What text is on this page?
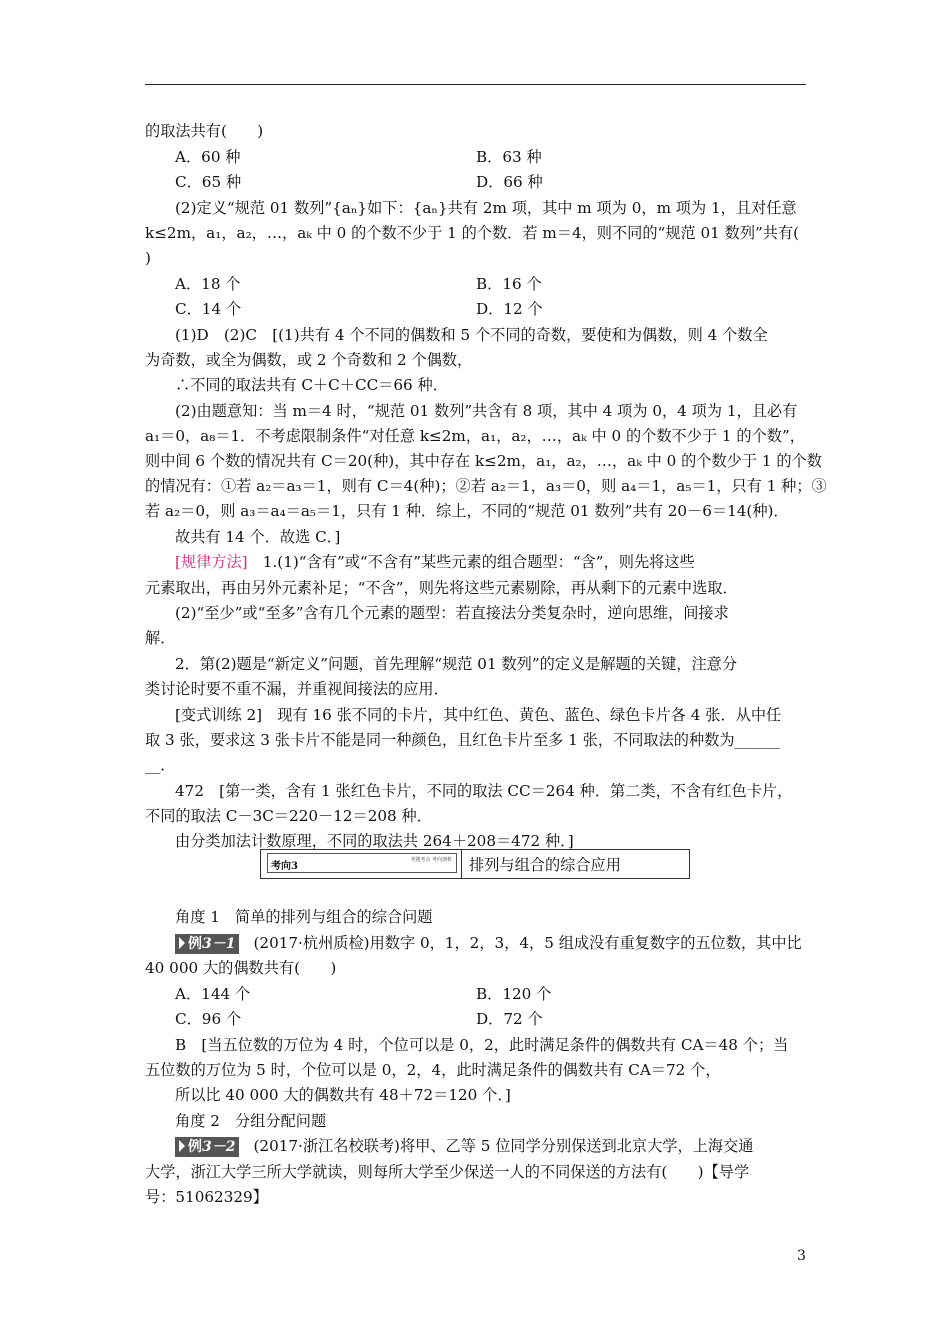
的取法共有(　　)
A．60 种	B．63 种
C．65 种	D．66 种
(2)定义“规范 01 数列”{aₙ}如下：{aₙ}共有 2m 项，其中 m 项为 0，m 项为 1，且对任意
k≤2m，a₁，a₂，…，aₖ 中 0 的个数不少于 1 的个数．若 m＝4，则不同的“规范 01 数列”共有(
)
A．18 个	B．16 个
C．14 个	D．12 个
(1)D　(2)C　[(1)共有 4 个不同的偶数和 5 个不同的奇数，要使和为偶数，则 4 个数全
为奇数，或全为偶数，或 2 个奇数和 2 个偶数，
∴不同的取法共有 C＋C＋CC＝66 种．
(2)由题意知：当 m＝4 时，“规范 01 数列”共含有 8 项，其中 4 项为 0，4 项为 1，且必有
a₁＝0，a₈＝1．不考虑限制条件“对任意 k≤2m，a₁，a₂，…，aₖ 中 0 的个数不少于 1 的个数”，
则中间 6 个数的情况共有 C＝20(种)，其中存在 k≤2m，a₁，a₂，…，aₖ 中 0 的个数少于 1 的个数
的情况有：①若 a₂＝a₃＝1，则有 C＝4(种)；②若 a₂＝1，a₃＝0，则 a₄＝1，a₅＝1，只有 1 种；③
若 a₂＝0，则 a₃＝a₄＝a₅＝1，只有 1 种．综上，不同的“规范 01 数列”共有 20－6＝14(种)．
故共有 14 个．故选 C．]
[规律方法]　1.(1)“含有”或“不含有”某些元素的组合题型：“含”，则先将这些
元素取出，再由另外元素补足；“不含”，则先将这些元素剔除，再从剩下的元素中选取．
(2)“至少”或“至多”含有几个元素的题型：若直接法分类复杂时，逆向思维，间接求
解．
2．第(2)题是“新定义”问题，首先理解“规范 01 数列”的定义是解题的关键，注意分
类讨论时要不重不漏，并重视间接法的应用．
[变式训练 2]　现有 16 张不同的卡片，其中红色、黄色、蓝色、绿色卡片各 4 张．从中任
取 3 张，要求这 3 张卡片不能是同一种颜色，且红色卡片至多 1 张，不同取法的种数为______
__．
472　[第一类，含有 1 张红色卡片，不同的取法 CC＝264 种．第二类，不含有红色卡片，
不同的取法 C－3C＝220－12＝208 种．
由分类加法计数原理，不同的取法共 264＋208＝472 种．]
考向3
考题考点 考向剖析 排列与组合的综合应用
角度 1　简单的排列与组合的综合问题
例3－1 (2017·杭州质检)用数字 0，1，2，3，4，5 组成没有重复数字的五位数，其中比
40 000 大的偶数共有(　　)
A．144 个	B．120 个
C．96 个	D．72 个
B　[当五位数的万位为 4 时，个位可以是 0，2，此时满足条件的偶数共有 CA＝48 个；当
五位数的万位为 5 时，个位可以是 0，2，4，此时满足条件的偶数共有 CA＝72 个，
所以比 40 000 大的偶数共有 48＋72＝120 个．]
角度 2　分组分配问题
例3－2 (2017·浙江名校联考)将甲、乙等 5 位同学分别保送到北京大学，上海交通
大学，浙江大学三所大学就读，则每所大学至少保送一人的不同保送的方法有(　　)【导学
号：51062329】
3
